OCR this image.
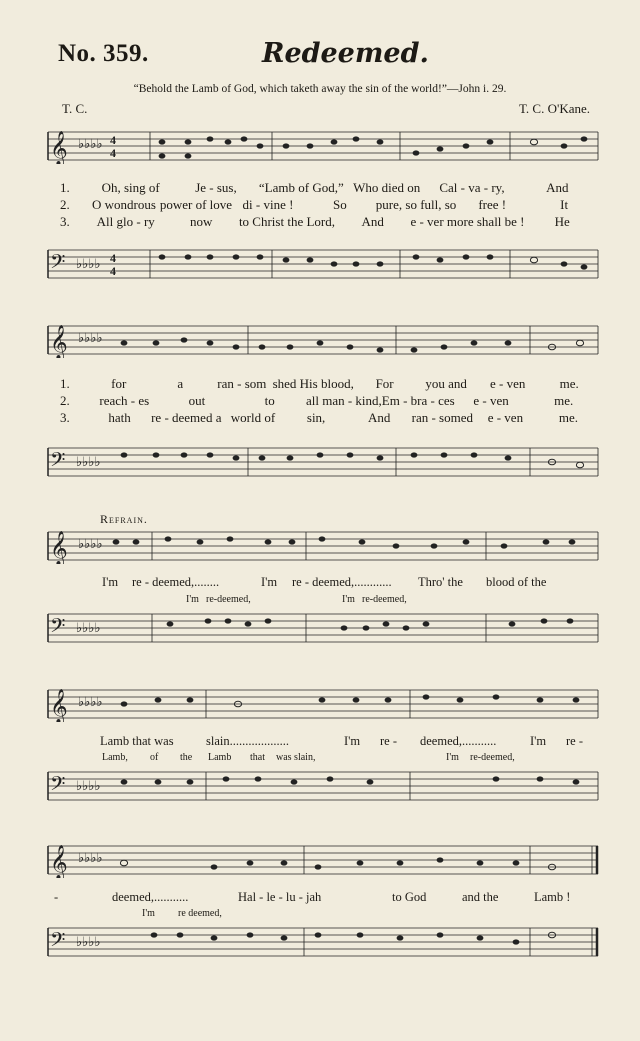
No. 359.	Redeemed.
“Behold the Lamb of God, which taketh away the sin of the world!”—John i. 29.
T. C.	T. C. O'Kane.
𝄞 ♭♭♭♭ 4
4
1.	Oh, sing of	Je - sus,	“Lamb of God,” Who died on	Cal - va - ry,	And
2.	O wondrous power of love di - vine !	So	pure, so full, so	free !	It
3.	All glo - ry	now	to Christ the Lord,	And	e - ver more shall be !	He
𝄢 ♭♭♭♭ 4
4
𝄞 ♭♭♭♭
1.	for	a	ran - som shed His blood,	For	you and	e - ven	me.
2.	reach - es	out	to	all man - kind, Em - bra - ces	e - ven	me.
3.	hath	re - deemed a world of	sin,	And	ran - somed	e - ven	me.
𝄢 ♭♭♭♭
Refrain.
𝄞 ♭♭♭♭
I'm re - deemed,........	I'm re - deemed,............ Thro' the blood of the
I'm re-deemed,	I'm re-deemed,
𝄢 ♭♭♭♭
𝄞 ♭♭♭♭
Lamb that was	slain...................	I'm re - deemed,...........	I'm re -
Lamb, of the Lamb that was slain,	I'm re-deemed,
𝄢 ♭♭♭♭
𝄞 ♭♭♭♭
-	deemed,...........	Hal - le - lu - jah	to God	and the	Lamb !
I'm re deemed,
𝄢 ♭♭♭♭
